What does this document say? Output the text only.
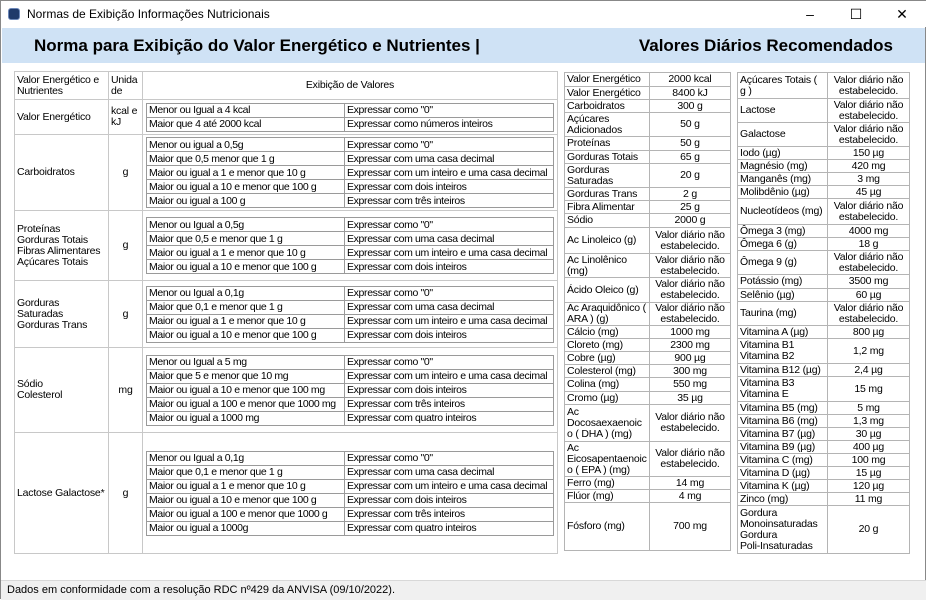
Normas de Exibição Informações Nutricionais	–	☐	✕
Norma para Exibição do Valor Energético e Nutrientes |	Valores Diários Recomendados
Valor Energético e Nutrientes	Unida de	Exibição de Valores
Valor Energético	kcal e kJ	
Menor ou Igual a 4 kcal	Expressar como "0"
Maior que 4 até 2000 kcal	Expressar como números inteiros

Carboidratos	g	
Menor ou igual a 0,5g	Expressar como "0"
Maior que 0,5 menor que 1 g	Expressar com uma casa decimal
Maior ou igual a 1 e menor que 10 g	Expressar com um inteiro e uma casa decimal
Maior ou igual a 10 e menor que 100 g	Expressar com dois inteiros
Maior ou igual a 100 g	Expressar com três inteiros

Proteínas
Gorduras Totais
Fibras Alimentares
Açúcares Totais	g	
Menor ou Igual a 0,5g	Expressar como "0"
Maior que 0,5 e menor que 1 g	Expressar com uma casa decimal
Maior ou igual a 1 e menor que 10 g	Expressar com um inteiro e uma casa decimal
Maior ou igual a 10 e menor que 100 g	Expressar com dois inteiros

Gorduras Saturadas
Gorduras Trans	g	
Menor ou Igual a 0,1g	Expressar como "0"
Maior que 0,1 e menor que 1 g	Expressar com uma casa decimal
Maior ou igual a 1 e menor que 10 g	Expressar com um inteiro e uma casa decimal
Maior ou igual a 10 e menor que 100 g	Expressar com dois inteiros

Sódio
Colesterol	mg	
Menor ou Igual a 5 mg	Expressar como "0"
Maior que 5 e menor que 10 mg	Expressar com um inteiro e uma casa decimal
Maior ou igual a 10 e menor que 100 mg	Expressar com dois inteiros
Maior ou igual a 100 e menor que 1000 mg	Expressar com três inteiros
Maior ou igual a 1000 mg	Expressar com quatro inteiros

Lactose Galactose*	g	
Menor ou Igual a 0,1g	Expressar como "0"
Maior que 0,1 e menor que 1 g	Expressar com uma casa decimal
Maior ou igual a 1 e menor que 10 g	Expressar com um inteiro e uma casa decimal
Maior ou igual a 10 e menor que 100 g	Expressar com dois inteiros
Maior ou igual a 100 e menor que 1000 g	Expressar com três inteiros
Maior ou igual a 1000g	Expressar com quatro inteiros
Valor Energético	2000 kcal
Valor Energético	8400 kJ
Carboidratos	300 g
Açúcares Adicionados	50 g
Proteínas	50 g
Gorduras Totais	65 g
Gorduras Saturadas	20 g
Gorduras Trans	2 g
Fibra Alimentar	25 g
Sódio	2000 g
Ac Linoleico (g)	Valor diário não estabelecido.
Ac Linolênico (mg)	Valor diário não estabelecido.
Ácido Oleico (g)	Valor diário não estabelecido.
Ac Araquidônico ( ARA ) (g)	Valor diário não estabelecido.
Cálcio (mg)	1000 mg
Cloreto (mg)	2300 mg
Cobre (µg)	900 µg
Colesterol (mg)	300 mg
Colina (mg)	550 mg
Cromo (µg)	35 µg
Ac Docosaexaenoico ( DHA ) (mg)	Valor diário não estabelecido.
Ac Eicosapentaenoico ( EPA ) (mg)	Valor diário não estabelecido.
Ferro (mg)	14 mg
Flúor (mg)	4 mg
Fósforo (mg)	700 mg
Açúcares Totais ( g )	Valor diário não estabelecido.
Lactose	Valor diário não estabelecido.
Galactose	Valor diário não estabelecido.
Iodo (µg)	150 µg
Magnésio (mg)	420 mg
Manganês (mg)	3 mg
Molibdênio (µg)	45 µg
Nucleotídeos (mg)	Valor diário não estabelecido.
Ômega 3 (mg)	4000 mg
Ômega 6 (g)	18 g
Ômega 9 (g)	Valor diário não estabelecido.
Potássio (mg)	3500 mg
Selênio (µg)	60 µg
Taurina (mg)	Valor diário não estabelecido.
Vitamina A (µg)	800 µg
Vitamina B1
Vitamina B2	1,2 mg
Vitamina B12 (µg)	2,4 µg
Vitamina B3
Vitamina E	15 mg
Vitamina B5 (mg)	5 mg
Vitamina B6 (mg)	1,3 mg
Vitamina B7 (µg)	30 µg
Vitamina B9 (µg)	400 µg
Vitamina C (mg)	100 mg
Vitamina D (µg)	15 µg
Vitamina K (µg)	120 µg
Zinco (mg)	11 mg
Gordura Monoinsaturadas
Gordura
Poli-Insaturadas	20 g
Dados em conformidade com a resolução RDC nº429 da ANVISA (09/10/2022).
